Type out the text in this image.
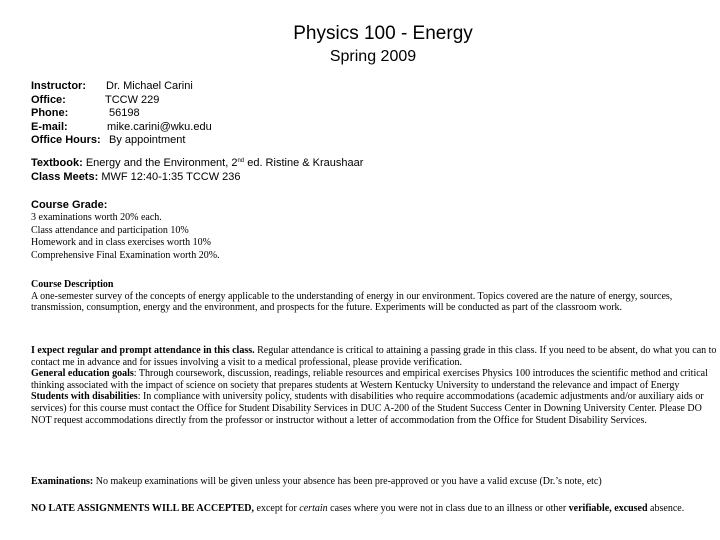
Physics 100 - Energy
Spring 2009
Instructor: Dr. Michael Carini
Office:	TCCW 229
Phone:	56198
E-mail:	mike.carini@wku.edu
Office Hours: By appointment
Textbook: Energy and the Environment, 2nd ed. Ristine & Kraushaar
Class Meets: MWF 12:40-1:35 TCCW 236
Course Grade:
3 examinations worth 20% each.
Class attendance and participation 10%
Homework and in class exercises worth 10%
Comprehensive Final Examination worth 20%.
Course Description
A one-semester survey of the concepts of energy applicable to the understanding of energy in our environment. Topics covered are the nature of energy, sources, transmission, consumption, energy and the environment, and prospects for the future. Experiments will be conducted as part of the classroom work.
I expect regular and prompt attendance in this class. Regular attendance is critical to attaining a passing grade in this class. If you need to be absent, do what you can to contact me in advance and for issues involving a visit to a medical professional, please provide verification.
General education goals: Through coursework, discussion, readings, reliable resources and empirical exercises Physics 100 introduces the scientific method and critical thinking associated with the impact of science on society that prepares students at Western Kentucky University to understand the relevance and impact of Energy
Students with disabilities: In compliance with university policy, students with disabilities who require accommodations (academic adjustments and/or auxiliary aids or services) for this course must contact the Office for Student Disability Services in DUC A-200 of the Student Success Center in Downing University Center. Please DO NOT request accommodations directly from the professor or instructor without a letter of accommodation from the Office for Student Disability Services.
Examinations: No makeup examinations will be given unless your absence has been pre-approved or you have a valid excuse (Dr.’s note, etc)
NO LATE ASSIGNMENTS WILL BE ACCEPTED, except for certain cases where you were not in class due to an illness or other verifiable, excused absence.
